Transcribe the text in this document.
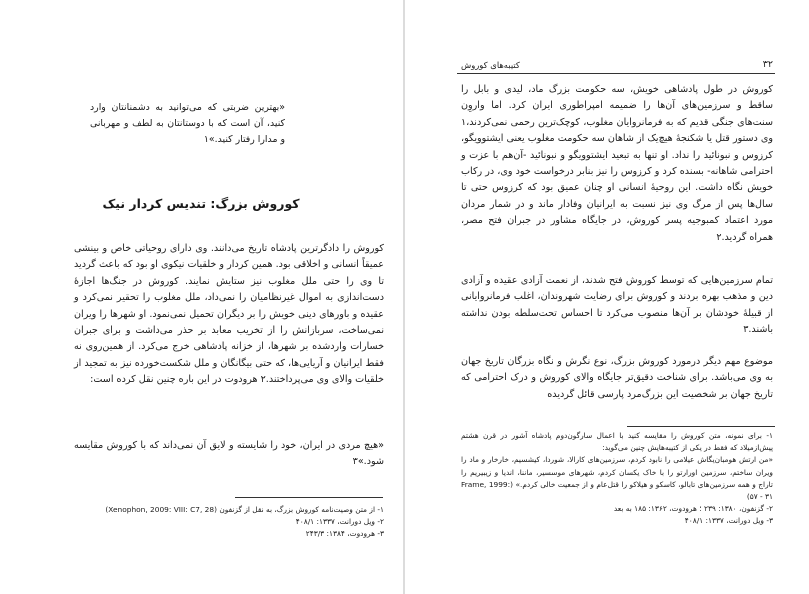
«بهترین ضربتی که می‌توانید به دشمنانتان وارد کنید، آن است که با دوستانتان به لطف و مهربانی و مدارا رفتار کنید.»۱
کوروش بزرگ: تندیس کردار نیک
کوروش را دادگرترین پادشاه تاریخ می‌دانند. وی دارای روحیاتی خاص و بینشی عمیقاً انسانی و اخلاقی بود. همین کردار و خلقیات نیکوی او بود که باعث گردید تا وی را حتی ملل مغلوب نیز ستایش نمایند. کوروش در جنگ‌ها اجازهٔ دست‌اندازی به اموال غیرنظامیان را نمی‌داد، ملل مغلوب را تحقیر نمی‌کرد و عقیده و باورهای دینی خویش را بر دیگران تحمیل نمی‌نمود. او شهرها را ویران نمی‌ساخت، سربازانش را از تخریب معابد بر حذر می‌داشت و برای جبران خسارات واردشده بر شهرها، از خزانه پادشاهی خرج می‌کرد. از همین‌روی نه فقط ایرانیان و آریایی‌ها، که حتی بیگانگان و ملل شکست‌خورده نیز به تمجید از خلقیات والای وی می‌پرداختند.۲ هرودوت در این باره چنین نقل کرده است:
«هیچ مردی در ایران، خود را شایسته و لایق آن نمی‌داند که با کوروش مقایسه شود.»۳
۱- از متن وصیت‌نامه کوروش بزرگ، به نقل از گزنفون (Xenophon, 2009: VIII: C7, 28)
۲- ویل دورانت، ۱۳۳۷: ۴۰۸/۱
۳- هرودوت، ۱۳۸۴: ۲۴۳/۳
۳۲
کتیبه‌های کوروش
کوروش در طول پادشاهی خویش، سه حکومت بزرگ ماد، لیدی و بابل را ساقط و سرزمین‌های آن‌ها را ضمیمه امپراطوری ایران کرد. اما واروِن سنت‌های جنگی قدیم که به فرمانروایان مغلوب، کوچک‌ترین رحمی نمی‌کردند،۱ وی دستور قتل یا شکنجهٔ هیچ‌یک از شاهان سه حکومت مغلوب یعنی ایشتوویگو، کرزوس و نبونائید را نداد. او تنها به تبعید ایشتوویگو و نبونائید -آن‌هم با عزت و احترامی شاهانه- بسنده کرد و کرزوس را نیز بنابر درخواست خود وی، در رکاب خویش نگاه داشت. این روحیهٔ انسانی او چنان عمیق بود که کرزوس حتی تا سال‌ها پس از مرگ وی نیز نسبت به ایرانیان وفادار ماند و در شمار مردان مورد اعتماد کمبوجیه پسر کوروش، در جایگاه مشاور در جبران فتح مصر، همراه گردید.۲
تمام سرزمین‌هایی که توسط کوروش فتح شدند، از نعمت آزادی عقیده و آزادی دین و مذهب بهره بردند و کوروش برای رضایت شهروندان، اغلب فرمانروایانی از قبیلهٔ خودشان بر آن‌ها منصوب می‌کرد تا احساس تحت‌سلطه بودن نداشته باشند.۳
موضوع مهم دیگر درمورد کوروش بزرگ، نوع نگرش و نگاه بزرگان تاریخ جهان به وی می‌باشد. برای شناخت دقیق‌تر جایگاه والای کوروش و درک احترامی که تاریخ جهان بر شخصیت این بزرگ‌مرد پارسی قائل گردیده
۱- برای نمونه، متن کوروش را مقایسه کنید با اعمال سارگون‌دوم پادشاه آشور در قرن هشتم پیش‌ازمیلاد که فقط در یکی از کتیبه‌هایش چنین می‌گوید:
«من ارتش هومبان‌یگاش عیلامی را نابود کردم، سرزمین‌های کارالا، شوردا، کیشسیم، خارخار و ماد را ویران ساختم، سرزمین اورارتو را با خاک یکسان کردم، شهرهای موسسیر، ماننا، اندیا و زیبیریم را تاراج و همه سرزمین‌های تابالو، کاسکو و هیلاکو را قتل‌عام و از جمعیت خالی کردم.» (Frame, 1999: ۵۷ - ۳۱)
۲- گزنفون، ۱۳۸۰: ۲۳۹ ؛ هرودوت، ۱۳۶۲: ۱۸۵ به بعد
۳- ویل دورانت، ۱۳۳۷: ۴۰۸/۱
